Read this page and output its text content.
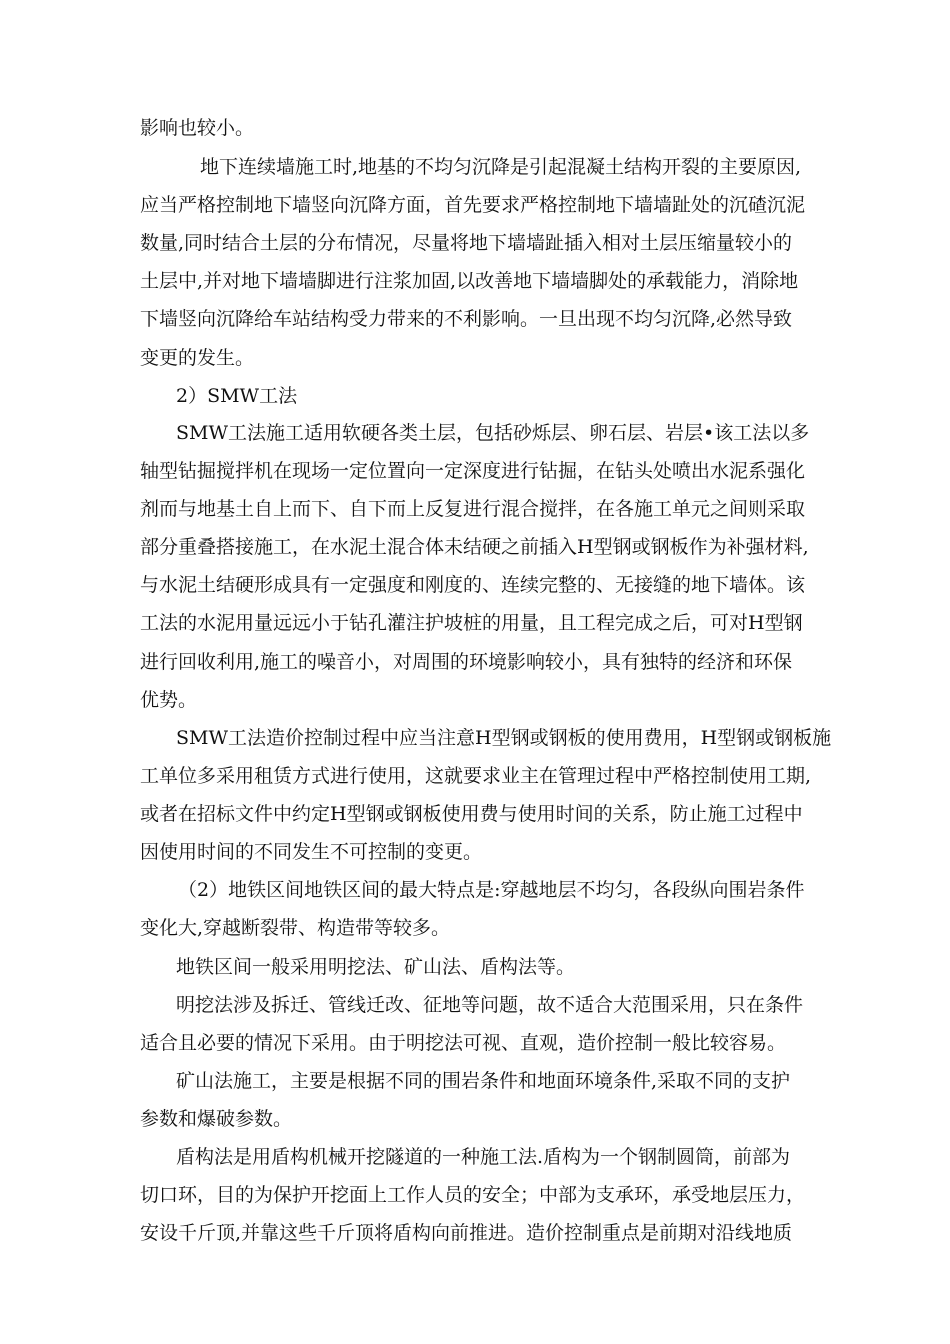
影响也较小。
地下连续墙施工时,地基的不均匀沉降是引起混凝土结构开裂的主要原因,
应当严格控制地下墙竖向沉降方面，首先要求严格控制地下墙墙趾处的沉碴沉泥
数量,同时结合土层的分布情况，尽量将地下墙墙趾插入相对土层压缩量较小的
土层中,并对地下墙墙脚进行注浆加固,以改善地下墙墙脚处的承载能力，消除地
下墙竖向沉降给车站结构受力带来的不利影响。一旦出现不均匀沉降,必然导致
变更的发生。
2）SMW工法
SMW工法施工适用软硬各类土层，包括砂烁层、卵石层、岩层•该工法以多
轴型钻掘搅拌机在现场一定位置向一定深度进行钻掘，在钻头处喷出水泥系强化
剂而与地基土自上而下、自下而上反复进行混合搅拌，在各施工单元之间则采取
部分重叠搭接施工，在水泥土混合体未结硬之前插入H型钢或钢板作为补强材料,
与水泥土结硬形成具有一定强度和刚度的、连续完整的、无接缝的地下墙体。该
工法的水泥用量远远小于钻孔灌注护坡桩的用量，且工程完成之后，可对H型钢
进行回收利用,施工的噪音小，对周围的环境影响较小，具有独特的经济和环保
优势。
SMW工法造价控制过程中应当注意H型钢或钢板的使用费用，H型钢或钢板施
工单位多采用租赁方式进行使用，这就要求业主在管理过程中严格控制使用工期,
或者在招标文件中约定H型钢或钢板使用费与使用时间的关系，防止施工过程中
因使用时间的不同发生不可控制的变更。
（2）地铁区间地铁区间的最大特点是:穿越地层不均匀，各段纵向围岩条件
变化大,穿越断裂带、构造带等较多。
地铁区间一般采用明挖法、矿山法、盾构法等。
明挖法涉及拆迁、管线迁改、征地等问题，故不适合大范围采用，只在条件
适合且必要的情况下采用。由于明挖法可视、直观，造价控制一般比较容易。
矿山法施工，主要是根据不同的围岩条件和地面环境条件,采取不同的支护
参数和爆破参数。
盾构法是用盾构机械开挖隧道的一种施工法.盾构为一个钢制圆筒，前部为
切口环，目的为保护开挖面上工作人员的安全；中部为支承环，承受地层压力，
安设千斤顶,并靠这些千斤顶将盾构向前推进。造价控制重点是前期对沿线地质
